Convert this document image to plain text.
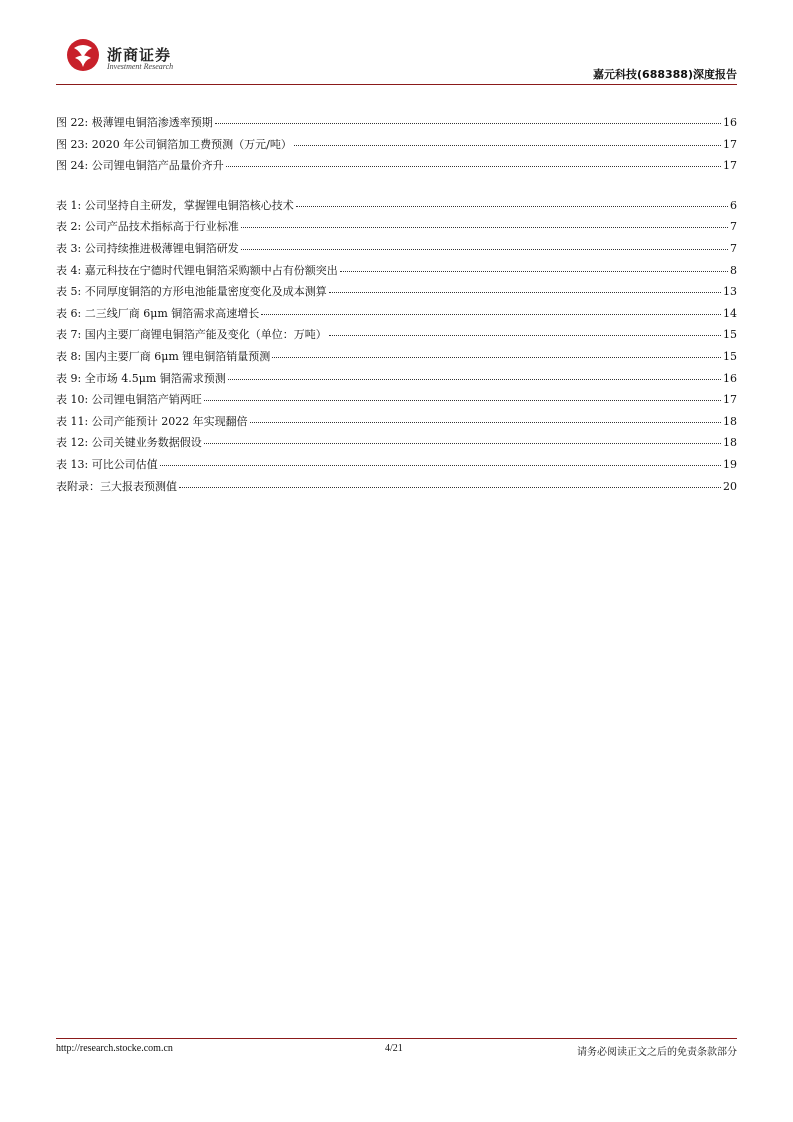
浙商证券
Investment Research
嘉元科技(688388)深度报告
图 22: 极薄锂电铜箔渗透率预期	16
图 23: 2020 年公司铜箔加工费预测（万元/吨）	17
图 24: 公司锂电铜箔产品量价齐升	17
表 1: 公司坚持自主研发，掌握锂电铜箔核心技术	6
表 2: 公司产品技术指标高于行业标准	7
表 3: 公司持续推进极薄锂电铜箔研发	7
表 4: 嘉元科技在宁德时代锂电铜箔采购额中占有份额突出	8
表 5: 不同厚度铜箔的方形电池能量密度变化及成本测算	13
表 6: 二三线厂商 6μm 铜箔需求高速增长	14
表 7: 国内主要厂商锂电铜箔产能及变化（单位：万吨）	15
表 8: 国内主要厂商 6μm 锂电铜箔销量预测	15
表 9: 全市场 4.5μm 铜箔需求预测	16
表 10: 公司锂电铜箔产销两旺	17
表 11: 公司产能预计 2022 年实现翻倍	18
表 12: 公司关键业务数据假设	18
表 13: 可比公司估值	19
表附录：三大报表预测值	20
http://research.stocke.com.cn	4/21	请务必阅读正文之后的免责条款部分
